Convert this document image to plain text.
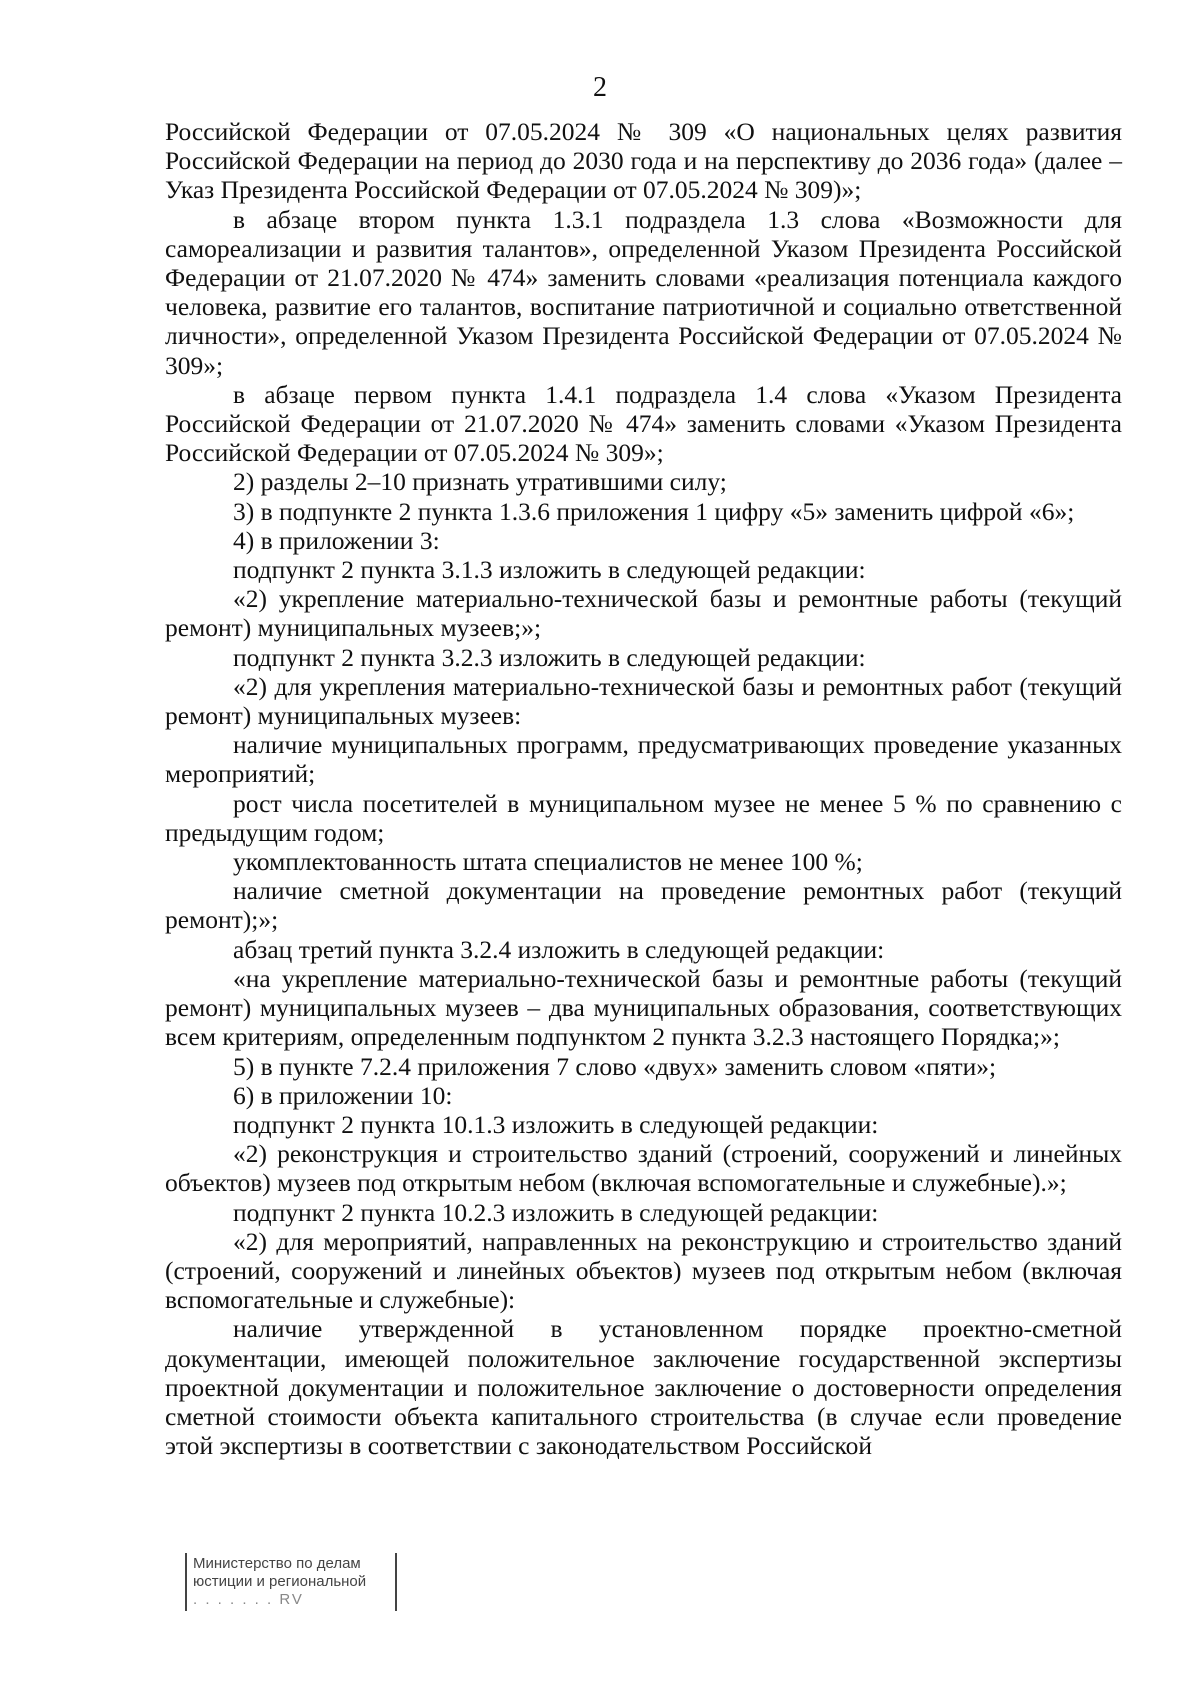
2

Российской Федерации от 07.05.2024 № 309 «О национальных целях развития Российской Федерации на период до 2030 года и на перспективу до 2036 года» (далее – Указ Президента Российской Федерации от 07.05.2024 № 309)»;

в абзаце втором пункта 1.3.1 подраздела 1.3 слова «Возможности для самореализации и развития талантов», определенной Указом Президента Российской Федерации от 21.07.2020 № 474» заменить словами «реализация потенциала каждого человека, развитие его талантов, воспитание патриотичной и социально ответственной личности», определенной Указом Президента Российской Федерации от 07.05.2024 № 309»;

в абзаце первом пункта 1.4.1 подраздела 1.4 слова «Указом Президента Российской Федерации от 21.07.2020 № 474» заменить словами «Указом Президента Российской Федерации от 07.05.2024 № 309»;

2) разделы 2–10 признать утратившими силу;

3) в подпункте 2 пункта 1.3.6 приложения 1 цифру «5» заменить цифрой «6»;

4) в приложении 3:

подпункт 2 пункта 3.1.3 изложить в следующей редакции:

«2) укрепление материально-технической базы и ремонтные работы (текущий ремонт) муниципальных музеев;»;

подпункт 2 пункта 3.2.3 изложить в следующей редакции:

«2) для укрепления материально-технической базы и ремонтных работ (текущий ремонт) муниципальных музеев:

наличие муниципальных программ, предусматривающих проведение указанных мероприятий;

рост числа посетителей в муниципальном музее не менее 5 % по сравнению с предыдущим годом;

укомплектованность штата специалистов не менее 100 %;

наличие сметной документации на проведение ремонтных работ (текущий ремонт);»;

абзац третий пункта 3.2.4 изложить в следующей редакции:

«на укрепление материально-технической базы и ремонтные работы (текущий ремонт) муниципальных музеев – два муниципальных образования, соответствующих всем критериям, определенным подпунктом 2 пункта 3.2.3 настоящего Порядка;»;

5) в пункте 7.2.4 приложения 7 слово «двух» заменить словом «пяти»;

6) в приложении 10:

подпункт 2 пункта 10.1.3 изложить в следующей редакции:

«2) реконструкция и строительство зданий (строений, сооружений и линейных объектов) музеев под открытым небом (включая вспомогательные и служебные).»;

подпункт 2 пункта 10.2.3 изложить в следующей редакции:

«2) для мероприятий, направленных на реконструкцию и строительство зданий (строений, сооружений и линейных объектов) музеев под открытым небом (включая вспомогательные и служебные):

наличие утвержденной в установленном порядке проектно-сметной документации, имеющей положительное заключение государственной экспертизы проектной документации и положительное заключение о достоверности определения сметной стоимости объекта капитального строительства (в случае если проведение этой экспертизы в соответствии с законодательством Российской

Министерство по делам
юстиции и региональной
. . . . . . . RV
